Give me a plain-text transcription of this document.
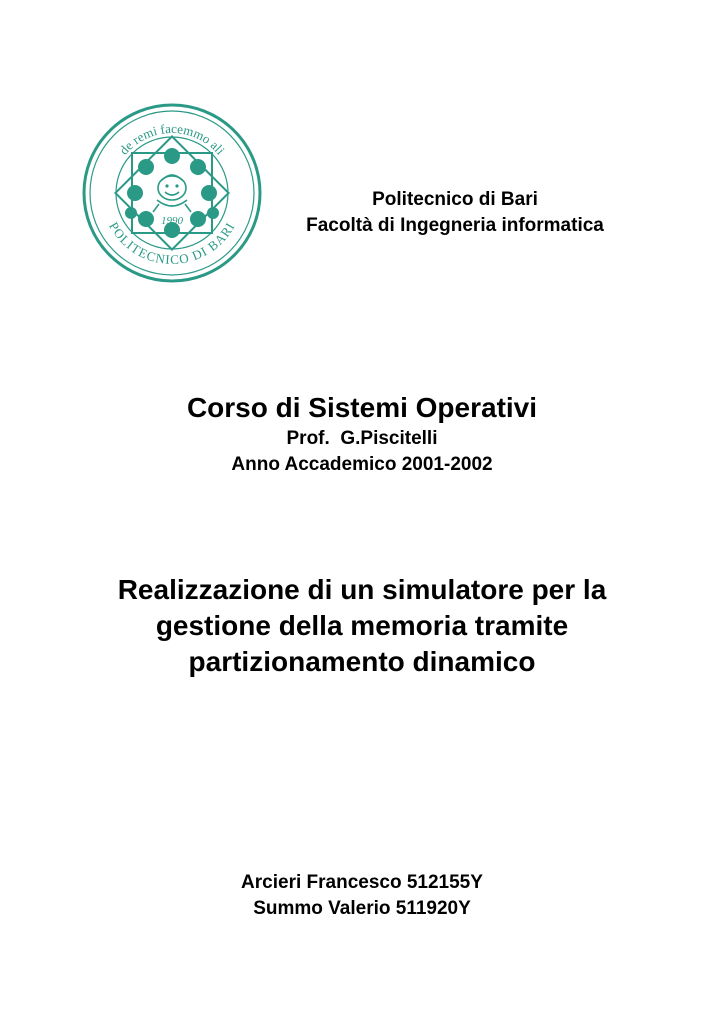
1990
de remi facemmo ali
POLITECNICO DI BARI
Politecnico di Bari
Facoltà di Ingegneria informatica
Corso di Sistemi Operativi
Prof.  G.Piscitelli
Anno Accademico 2001-2002
Realizzazione di un simulatore per la
gestione della memoria tramite
partizionamento dinamico
Arcieri Francesco 512155Y
Summo Valerio 511920Y
